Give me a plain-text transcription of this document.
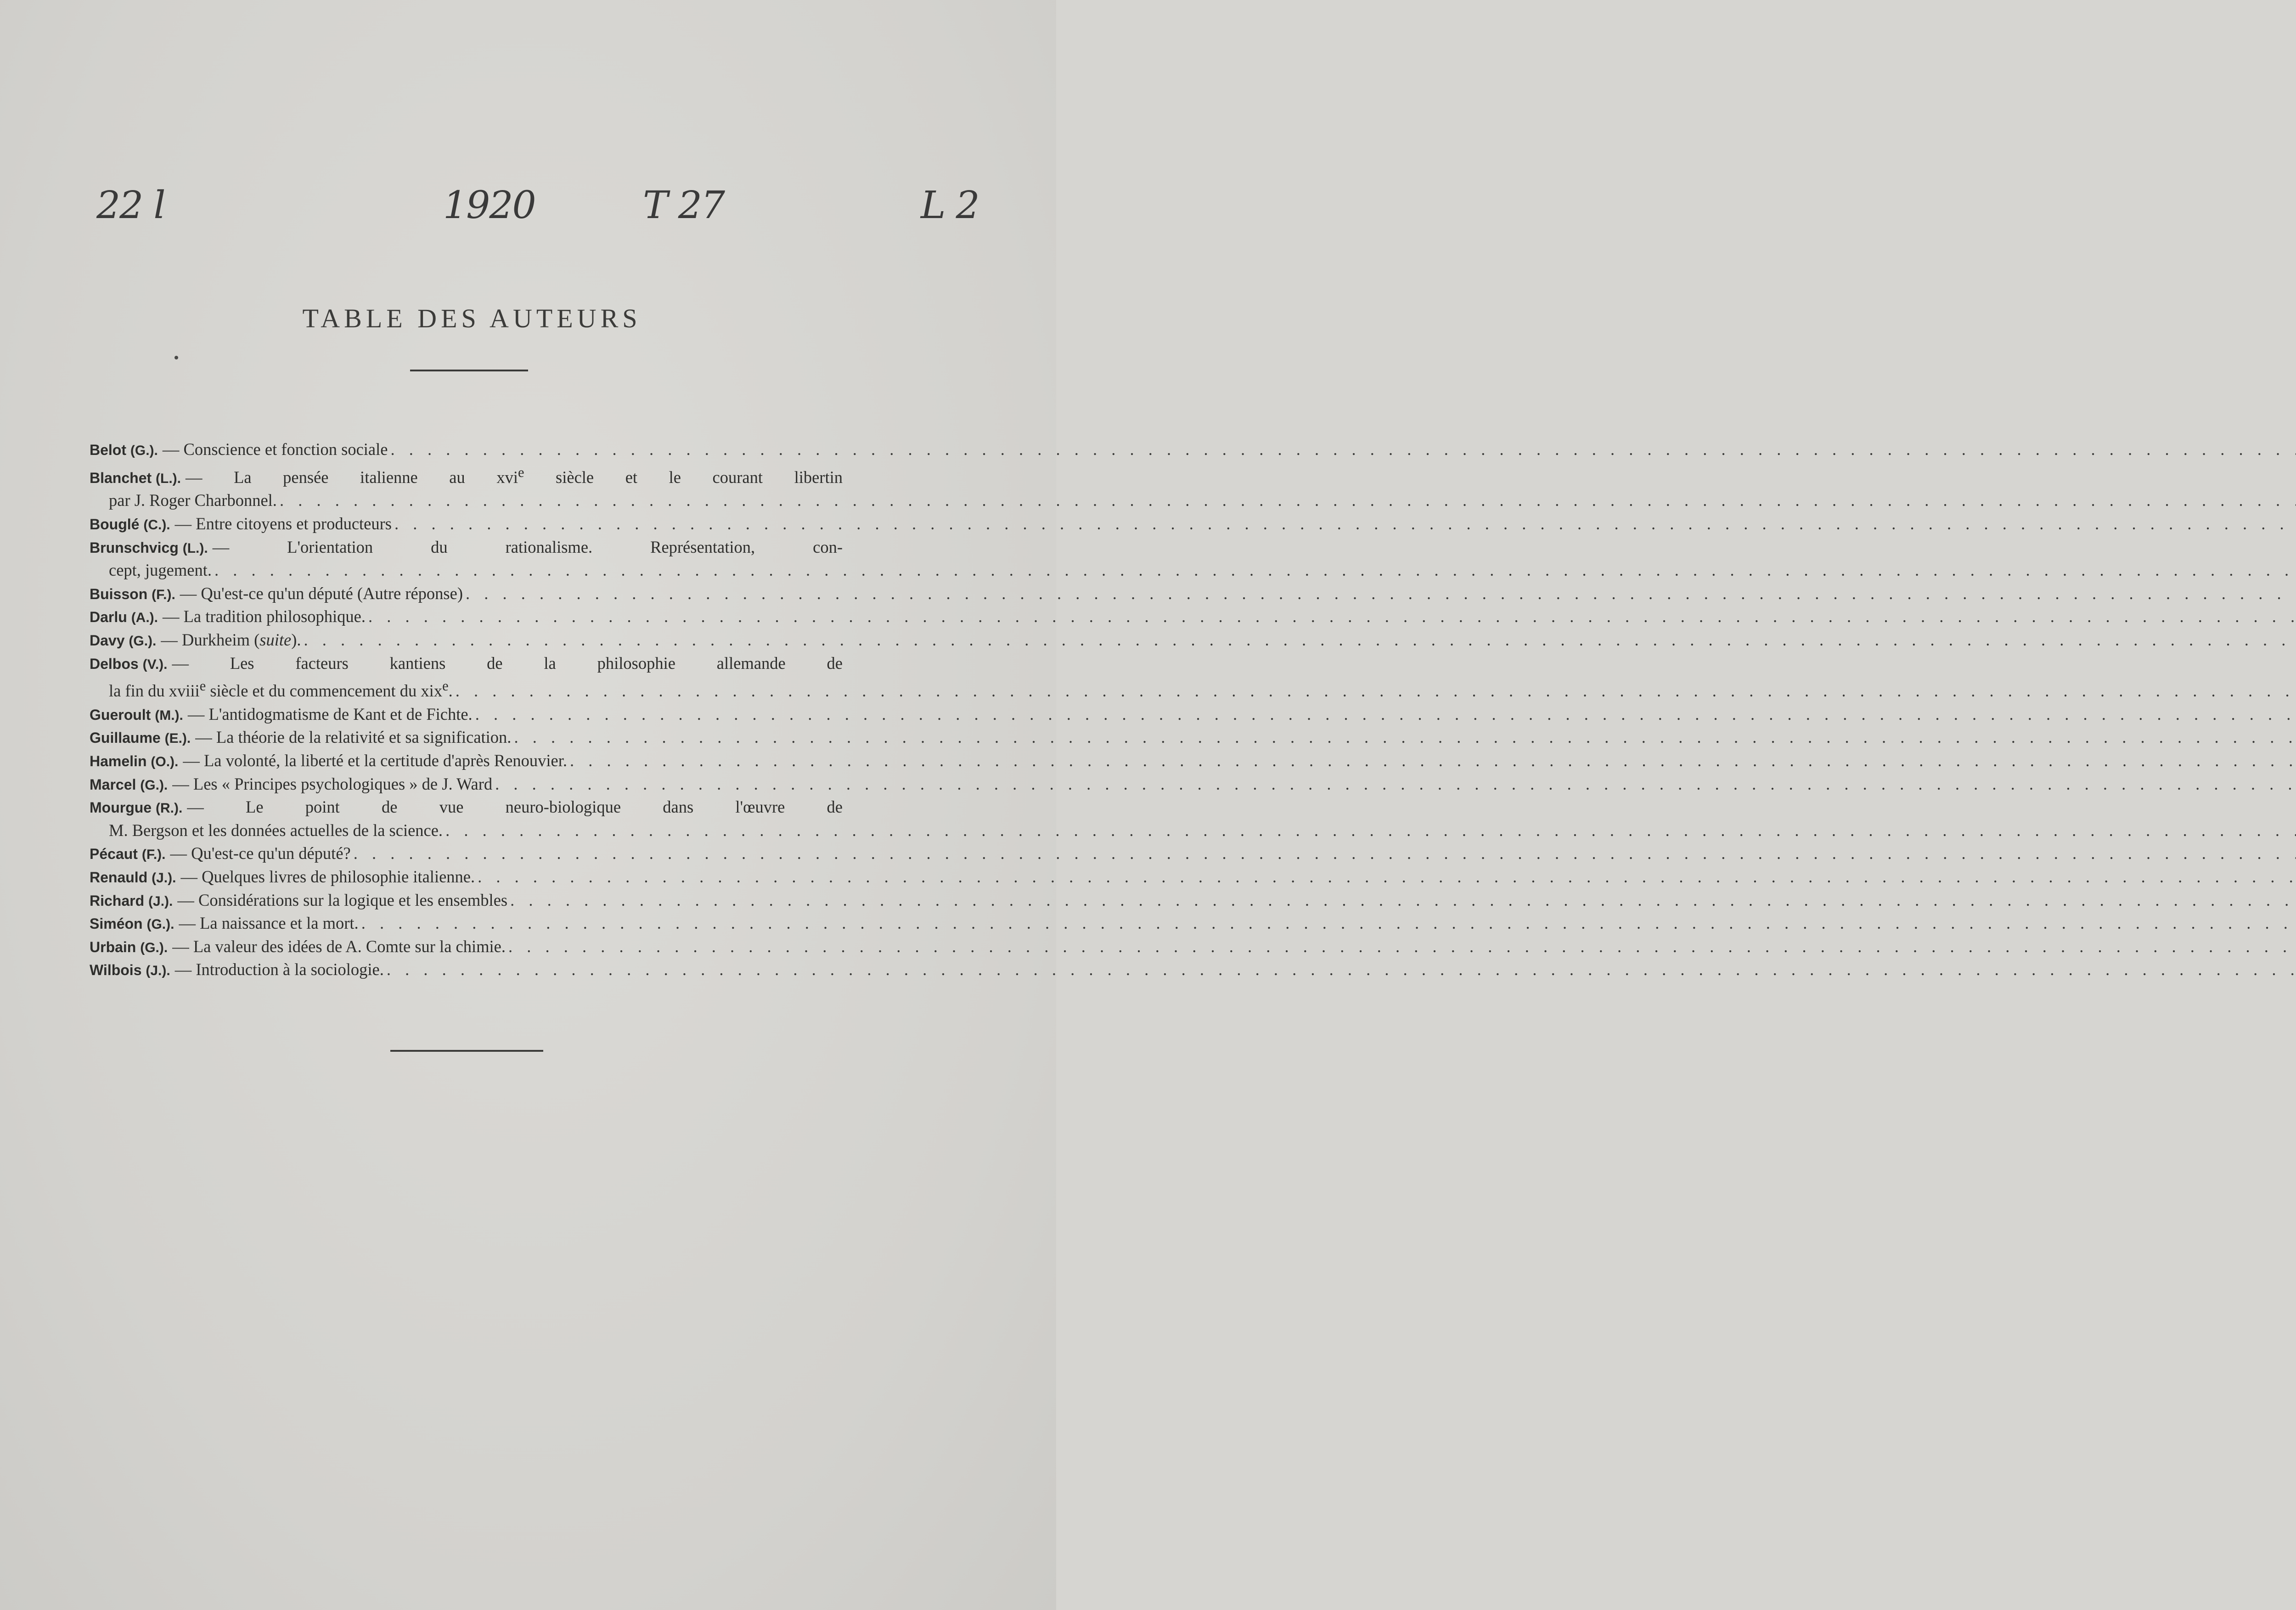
22 l	1920	T 27	L 2
TABLE DES AUTEURS
Belot (G.). — Conscience et fonction sociale
. . .
Blanchet (L.). — La pensée italienne au xvi$^e$ siècle et le courant libertin
par J. Roger Charbonnel.
. . .
Bouglé (C.). — Entre citoyens et producteurs
. . .
Brunschvicg (L.). — L'orientation du rationalisme. Représentation, con-
cept, jugement.
. . .
Buisson (F.). — Qu'est-ce qu'un député (Autre réponse)
. . .
Darlu (A.). — La tradition philosophique.
. . .
Davy (G.). — Durkheim (suite).
. . .
Delbos (V.). — Les facteurs kantiens de la philosophie allemande de
la fin du xviii$^e$ siècle et du commencement du xix$^e$.
. . .
Gueroult (M.). — L'antidogmatisme de Kant et de Fichte.
. . .
Guillaume (E.). — La théorie de la relativité et sa signification.
. . .
Hamelin (O.). — La volonté, la liberté et la certitude d'après Renouvier.
. . .
Marcel (G.). — Les « Principes psychologiques » de J. Ward
. . .
Mourgue (R.). — Le point de vue neuro-biologique dans l'œuvre de
M. Bergson et les données actuelles de la science.
. . .
Pécaut (F.). — Qu'est-ce qu'un député?
. . .
Renauld (J.). — Quelques livres de philosophie italienne.
. . .
Richard (J.). — Considérations sur la logique et les ensembles
. . .
Siméon (G.). — La naissance et la mort.
. . .
Urbain (G.). — La valeur des idées de A. Comte sur la chimie.
. . .
Wilbois (J.). — Introduction à la sociologie.
. . .
